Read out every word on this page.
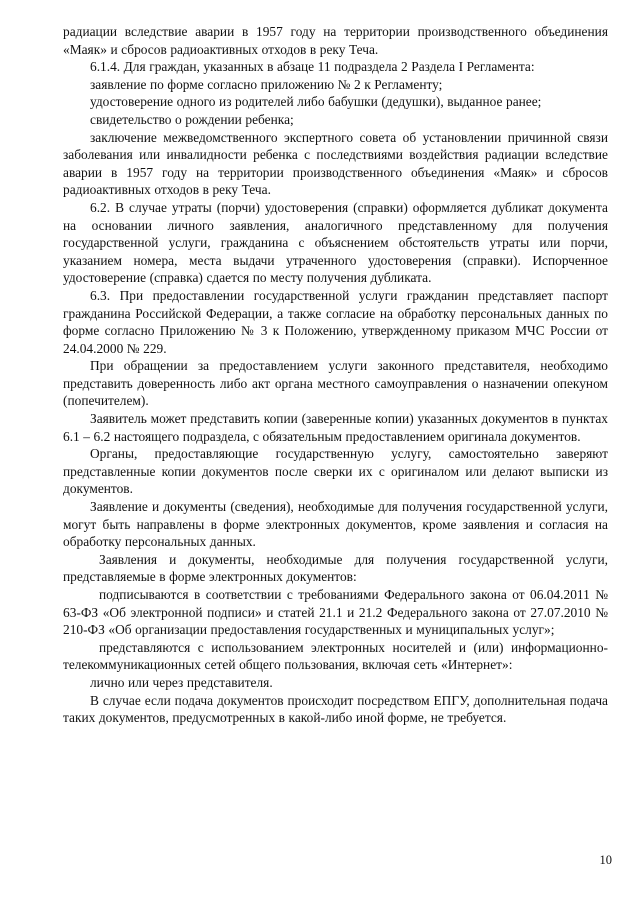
радиации вследствие аварии в 1957 году на территории производственного объединения «Маяк» и сбросов радиоактивных отходов в реку Теча.

6.1.4. Для граждан, указанных в абзаце 11 подраздела 2 Раздела I Регламента:

заявление по форме согласно приложению № 2 к Регламенту;

удостоверение одного из родителей либо бабушки (дедушки), выданное ранее;

свидетельство о рождении ребенка;

заключение межведомственного экспертного совета об установлении причинной связи заболевания или инвалидности ребенка с последствиями воздействия радиации вследствие аварии в 1957 году на территории производственного объединения «Маяк» и сбросов радиоактивных отходов в реку Теча.

6.2. В случае утраты (порчи) удостоверения (справки) оформляется дубликат документа на основании личного заявления, аналогичного представленному для получения государственной услуги, гражданина с объяснением обстоятельств утраты или порчи, указанием номера, места выдачи утраченного удостоверения (справки). Испорченное удостоверение (справка) сдается по месту получения дубликата.

6.3. При предоставлении государственной услуги гражданин представляет паспорт гражданина Российской Федерации, а также согласие на обработку персональных данных по форме согласно Приложению № 3 к Положению, утвержденному приказом МЧС России от 24.04.2000 № 229.

При обращении за предоставлением услуги законного представителя, необходимо представить доверенность либо акт органа местного самоуправления о назначении опекуном (попечителем).

Заявитель может представить копии (заверенные копии) указанных документов в пунктах 6.1 – 6.2 настоящего подраздела, с обязательным предоставлением оригинала документов.

Органы, предоставляющие государственную услугу, самостоятельно заверяют представленные копии документов после сверки их с оригиналом или делают выписки из документов.

Заявление и документы (сведения), необходимые для получения государственной услуги, могут быть направлены в форме электронных документов, кроме заявления и согласия на обработку персональных данных.

Заявления и документы, необходимые для получения государственной услуги, представляемые в форме электронных документов:

подписываются в соответствии с требованиями Федерального закона от 06.04.2011 № 63-ФЗ «Об электронной подписи» и статей 21.1 и 21.2 Федерального закона от 27.07.2010 № 210-ФЗ «Об организации предоставления государственных и муниципальных услуг»;

представляются с использованием электронных носителей и (или) информационно-телекоммуникационных сетей общего пользования, включая сеть «Интернет»:

лично или через представителя.

В случае если подача документов происходит посредством ЕПГУ, дополнительная подача таких документов, предусмотренных в какой-либо иной форме, не требуется.

10
